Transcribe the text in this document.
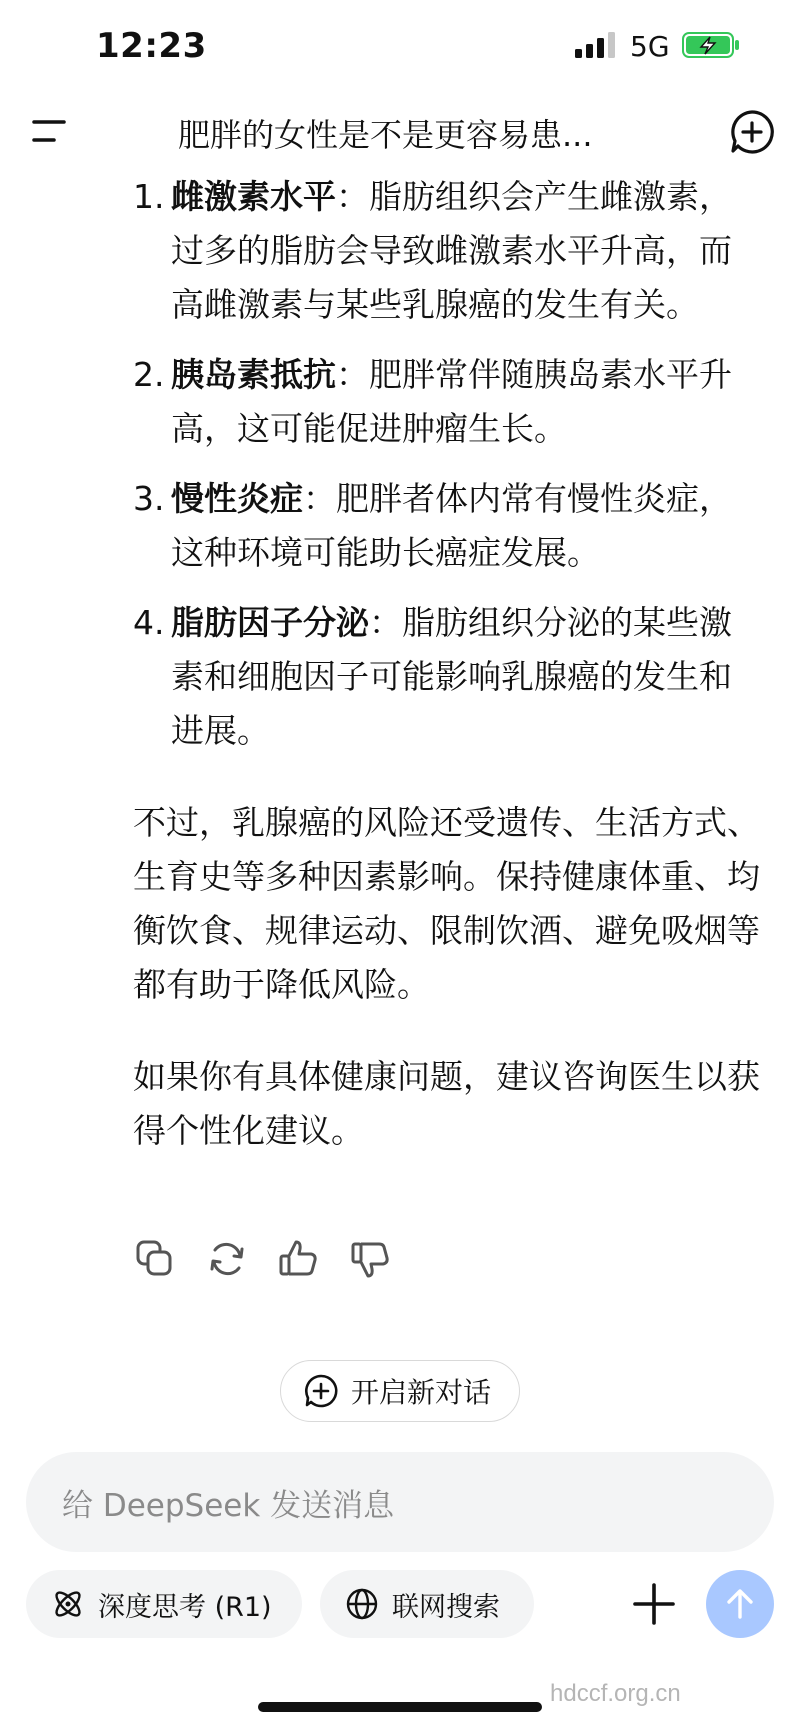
12:23	5G
肥胖的女性是不是更容易患...
1. 雌激素水平：脂肪组织会产生雌激素，过多的脂肪会导致雌激素水平升高，而高雌激素与某些乳腺癌的发生有关。
2. 胰岛素抵抗：肥胖常伴随胰岛素水平升高，这可能促进肿瘤生长。
3. 慢性炎症：肥胖者体内常有慢性炎症，这种环境可能助长癌症发展。
4. 脂肪因子分泌：脂肪组织分泌的某些激素和细胞因子可能影响乳腺癌的发生和进展。

不过，乳腺癌的风险还受遗传、生活方式、生育史等多种因素影响。保持健康体重、均衡饮食、规律运动、限制饮酒、避免吸烟等都有助于降低风险。

如果你有具体健康问题，建议咨询医生以获得个性化建议。

开启新对话
给 DeepSeek 发送消息
深度思考 (R1)	联网搜索
hdccf.org.cn
